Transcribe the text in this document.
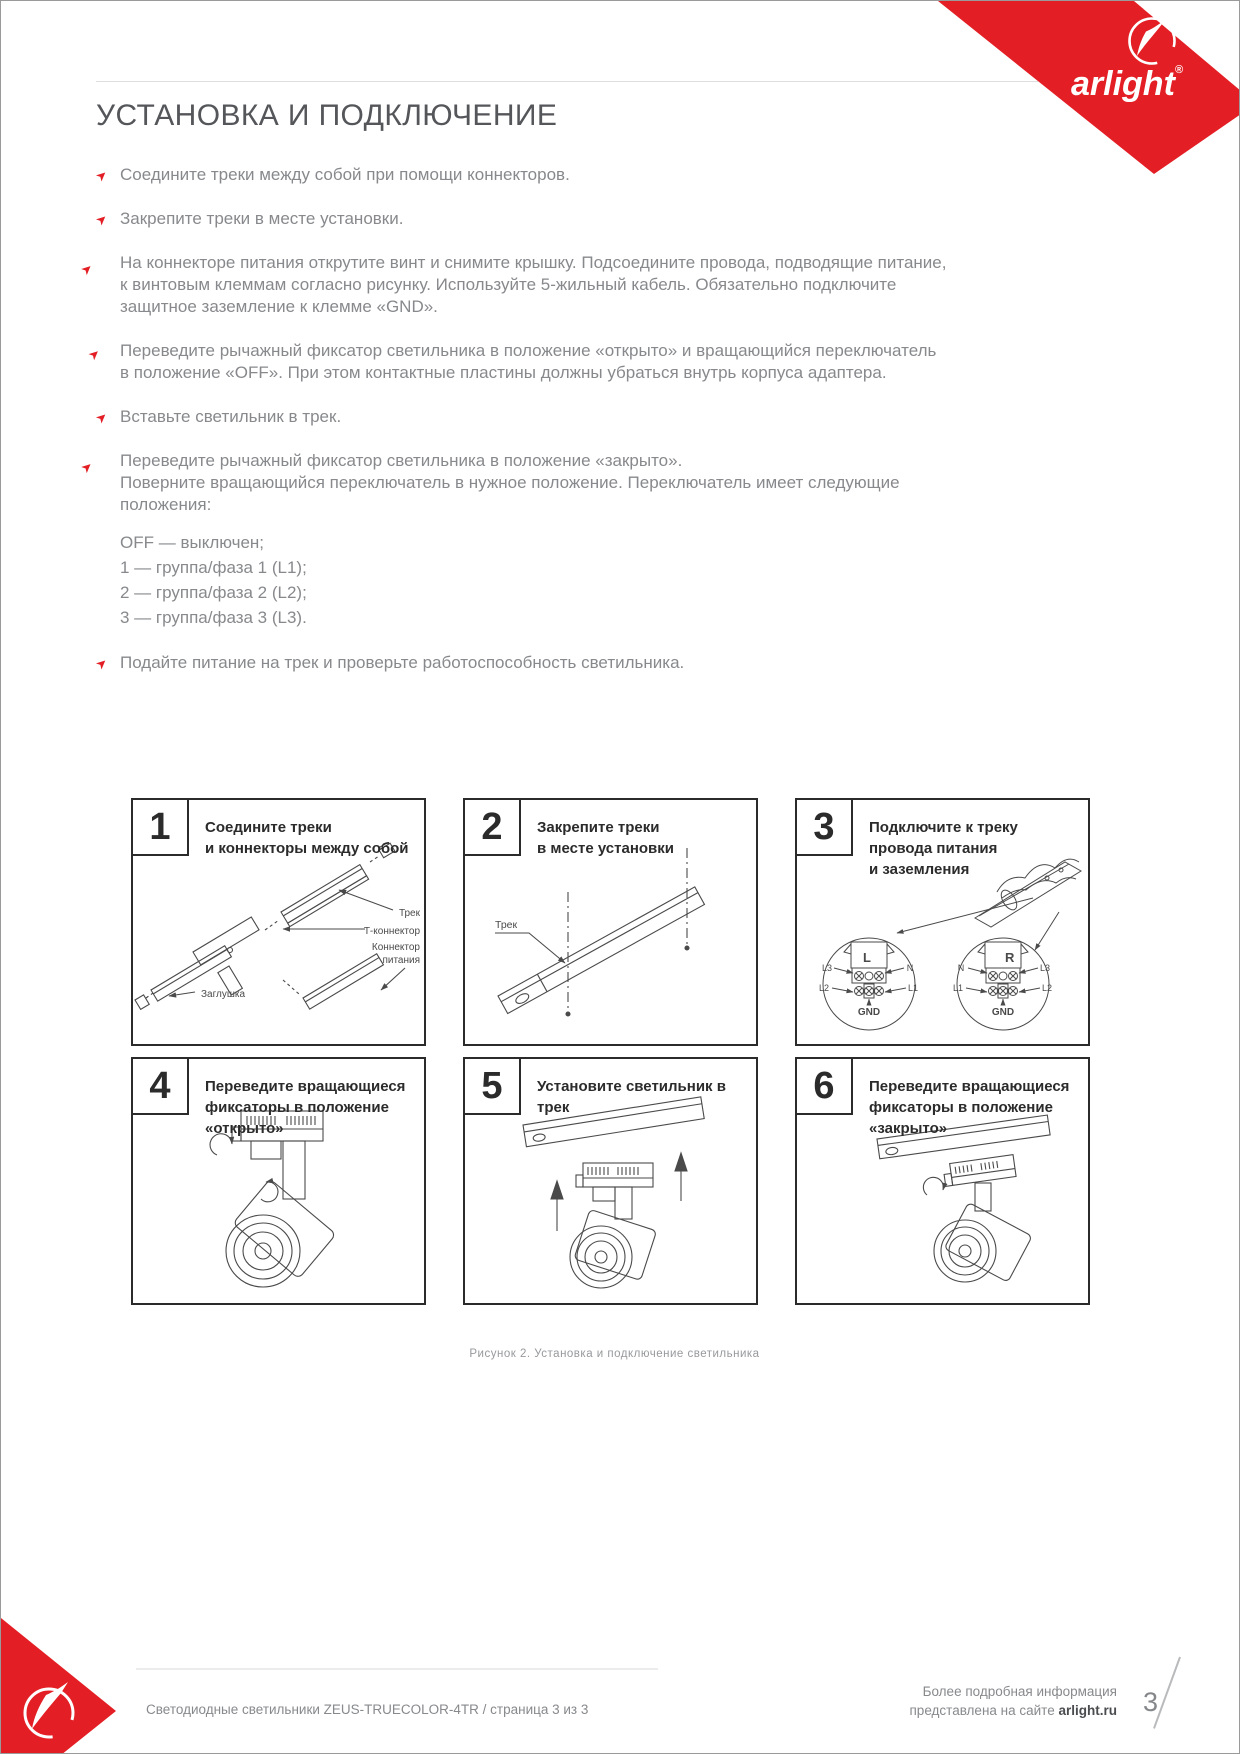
arlight®
УСТАНОВКА И ПОДКЛЮЧЕНИЕ
➤ Соедините треки между собой при помощи коннекторов.
➤ Закрепите треки в месте установки.
➤	На коннекторе питания открутите винт и снимите крышку. Подсоедините провода, подводящие питание,
к винтовым клеммам согласно рисунку. Используйте 5-жильный кабель. Обязательно подключите
защитное заземление к клемме «GND».
➤ Переведите рычажный фиксатор светильника в положение «открыто» и вращающийся переключатель
в положение «OFF». При этом контактные пластины должны убраться внутрь корпуса адаптера.
➤ Вставьте светильник в трек.
➤	Переведите рычажный фиксатор светильника в положение «закрыто».
Поверните вращающийся переключатель в нужное положение. Переключатель имеет следующие
положения:
OFF — выключен;
1 — группа/фаза 1 (L1);
2 — группа/фаза 2 (L2);
3 — группа/фаза 3 (L3).
➤ Подайте питание на трек и проверьте работоспособность светильника.
1	Соедините треки
и коннекторы между собой
Трек
Т-коннектор
Коннектор
питания
Заглушка
2	Закрепите треки
в месте установки
Трек
3	Подключите к треку
провода питания
и заземления
L	R
L3	N
L2	L1
GND
N	L3
L1	L2
GND
4	Переведите вращающиеся
фиксаторы в положение
«открыто»
5	Установите светильник в трек
6	Переведите вращающиеся
фиксаторы в положение
«закрыто»
Рисунок 2. Установка и подключение светильника
Светодиодные светильники ZEUS-TRUECOLOR-4TR / страница 3 из 3
Более подробная информация
представлена на сайте arlight.ru 3
